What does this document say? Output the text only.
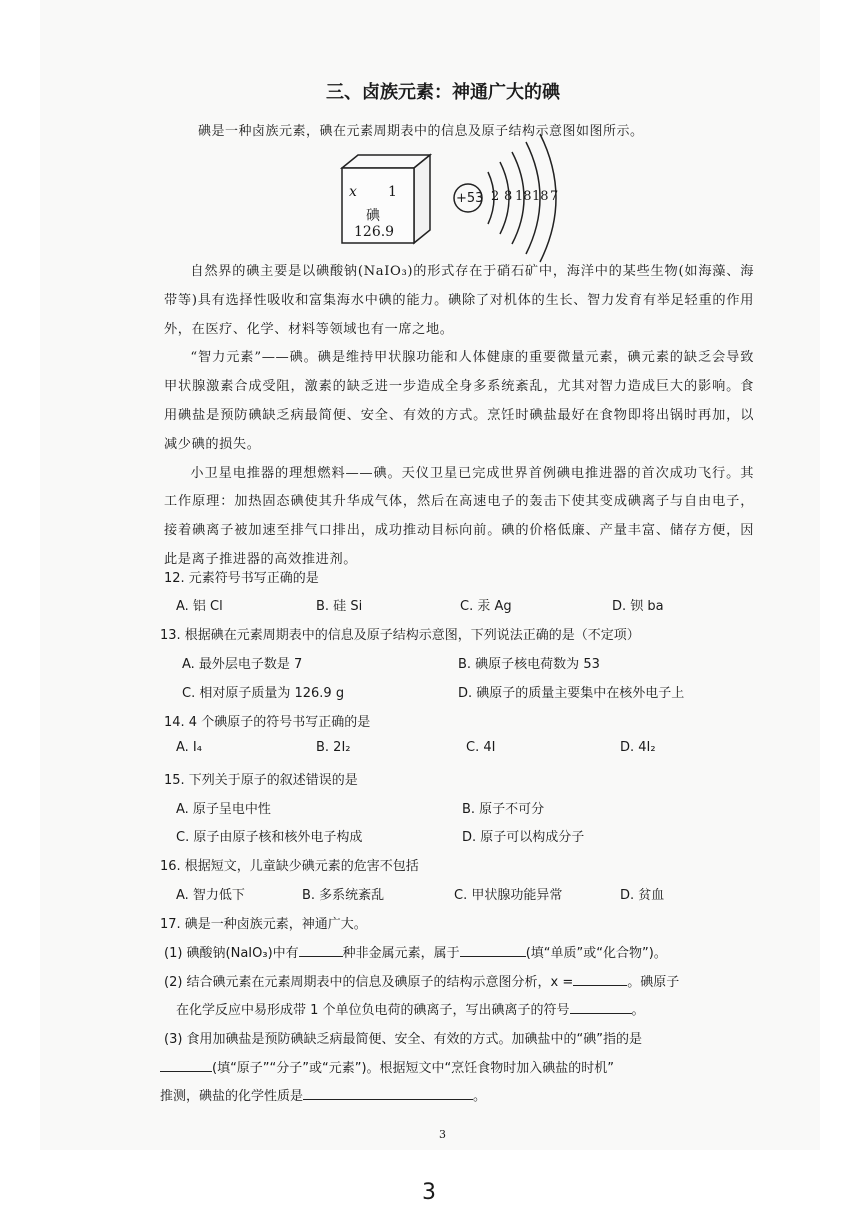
三、卤族元素：神通广大的碘
碘是一种卤族元素，碘在元素周期表中的信息及原子结构示意图如图所示。
x 1
碘
126.9
+53 2 8 18 18 7

自然界的碘主要是以碘酸钠(NaIO₃)的形式存在于硝石矿中，海洋中的某些生物(如海藻、海带等)具有选择性吸收和富集海水中碘的能力。碘除了对机体的生长、智力发育有举足轻重的作用外，在医疗、化学、材料等领域也有一席之地。

“智力元素”——碘。碘是维持甲状腺功能和人体健康的重要微量元素，碘元素的缺乏会导致甲状腺激素合成受阻，激素的缺乏进一步造成全身多系统紊乱，尤其对智力造成巨大的影响。食用碘盐是预防碘缺乏病最简便、安全、有效的方式。烹饪时碘盐最好在食物即将出锅时再加，以减少碘的损失。

小卫星电推器的理想燃料——碘。天仪卫星已完成世界首例碘电推进器的首次成功飞行。其工作原理：加热固态碘使其升华成气体，然后在高速电子的轰击下使其变成碘离子与自由电子，接着碘离子被加速至排气口排出，成功推动目标向前。碘的价格低廉、产量丰富、储存方便，因此是离子推进器的高效推进剂。

12. 元素符号书写正确的是
A. 铝 Cl	B. 硅 Si	C. 汞 Ag	D. 钡 ba
13. 根据碘在元素周期表中的信息及原子结构示意图，下列说法正确的是（不定项）
A. 最外层电子数是 7	B. 碘原子核电荷数为 53
C. 相对原子质量为 126.9 g	D. 碘原子的质量主要集中在核外电子上
14. 4 个碘原子的符号书写正确的是
A. I₄	B. 2I₂	C. 4I	D. 4I₂
15. 下列关于原子的叙述错误的是
A. 原子呈电中性	B. 原子不可分
C. 原子由原子核和核外电子构成	D. 原子可以构成分子
16. 根据短文，儿童缺少碘元素的危害不包括
A. 智力低下	B. 多系统紊乱	C. 甲状腺功能异常	D. 贫血
17. 碘是一种卤族元素，神通广大。
(1) 碘酸钠(NaIO₃)中有	种非金属元素，属于	(填“单质”或“化合物”)。
(2) 结合碘元素在元素周期表中的信息及碘原子的结构示意图分析，x =	。碘原子
在化学反应中易形成带 1 个单位负电荷的碘离子，写出碘离子的符号	。
(3) 食用加碘盐是预防碘缺乏病最简便、安全、有效的方式。加碘盐中的“碘”指的是
(填“原子”“分子”或“元素”)。根据短文中“烹饪食物时加入碘盐的时机”
推测，碘盐的化学性质是	。
3
3
